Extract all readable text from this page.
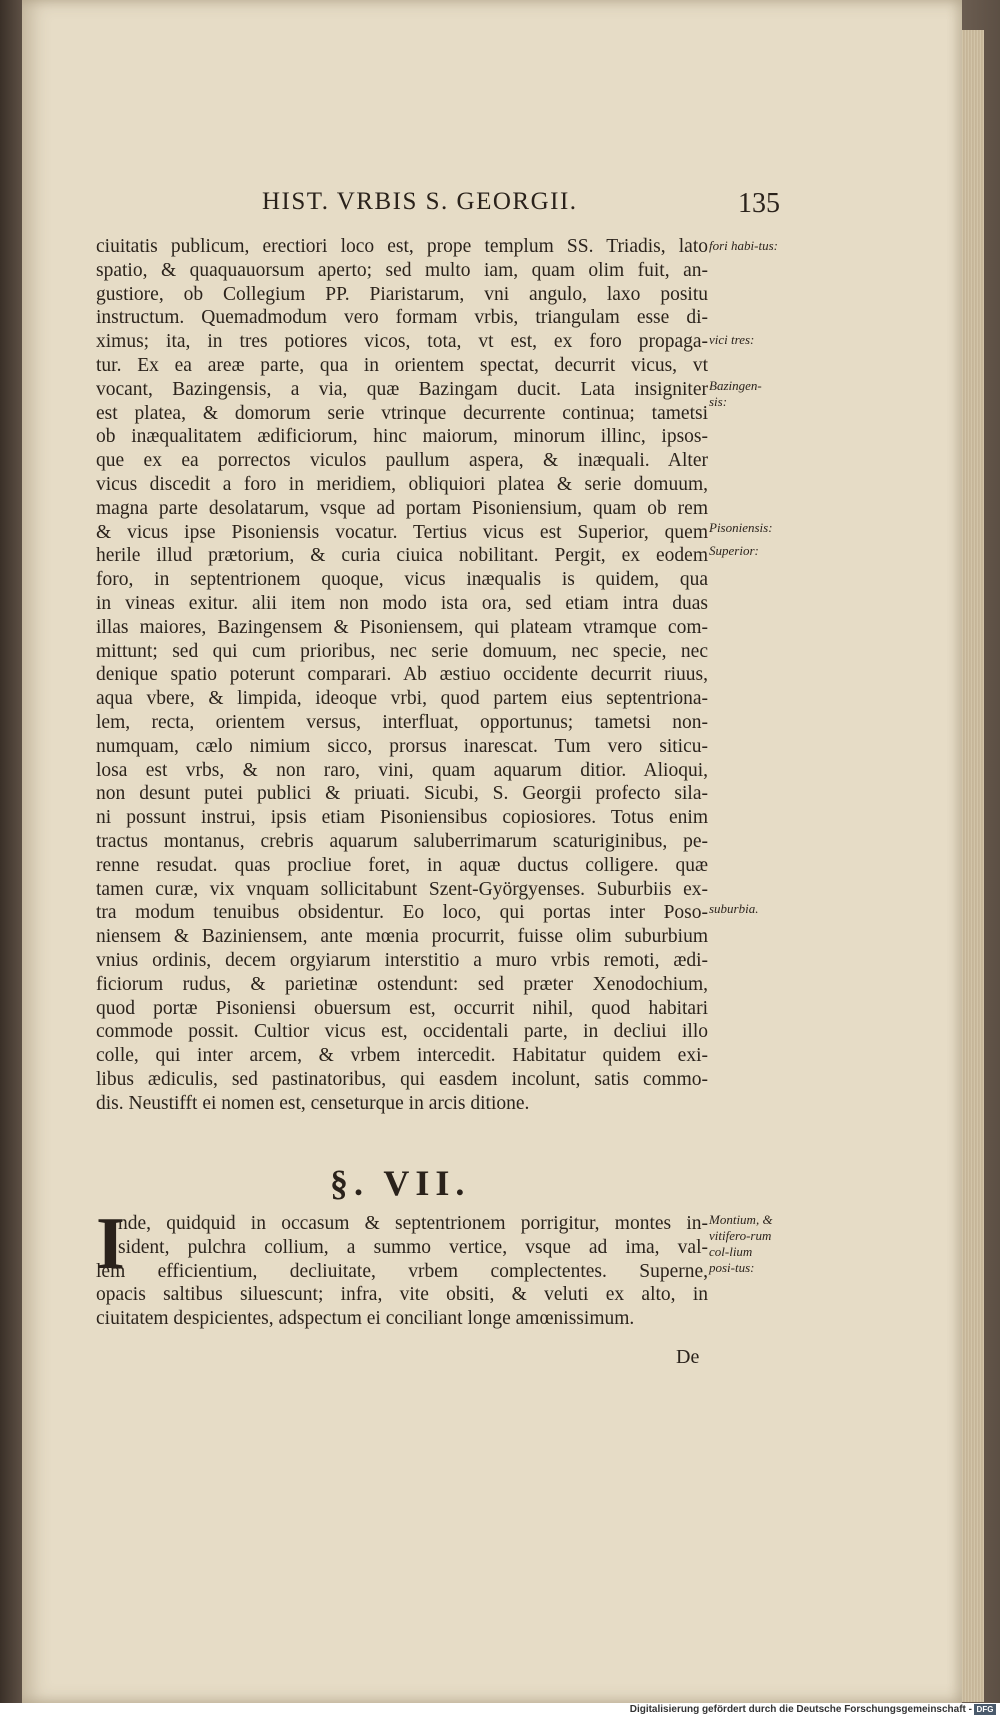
HIST. VRBIS S. GEORGII.	135
ciuitatis publicum, erectiori loco est, prope templum SS. Triadis, lato
spatio, & quaquauorsum aperto; sed multo iam, quam olim fuit, an-
gustiore, ob Collegium PP. Piaristarum, vni angulo, laxo positu
instructum. Quemadmodum vero formam vrbis, triangulam esse di-
ximus; ita, in tres potiores vicos, tota, vt est, ex foro propaga-
tur. Ex ea areæ parte, qua in orientem spectat, decurrit vicus, vt
vocant, Bazingensis, a via, quæ Bazingam ducit. Lata insigniter
est platea, & domorum serie vtrinque decurrente continua; tametsi
ob inæqualitatem ædificiorum, hinc maiorum, minorum illinc, ipsos-
que ex ea porrectos viculos paullum aspera, & inæquali. Alter
vicus discedit a foro in meridiem, obliquiori platea & serie domuum,
magna parte desolatarum, vsque ad portam Pisoniensium, quam ob rem
& vicus ipse Pisoniensis vocatur. Tertius vicus est Superior, quem
herile illud prætorium, & curia ciuica nobilitant. Pergit, ex eodem
foro, in septentrionem quoque, vicus inæqualis is quidem, qua
in vineas exitur. alii item non modo ista ora, sed etiam intra duas
illas maiores, Bazingensem & Pisoniensem, qui plateam vtramque com-
mittunt; sed qui cum prioribus, nec serie domuum, nec specie, nec
denique spatio poterunt comparari. Ab æstiuo occidente decurrit riuus,
aqua vbere, & limpida, ideoque vrbi, quod partem eius septentriona-
lem, recta, orientem versus, interfluat, opportunus; tametsi non-
numquam, cælo nimium sicco, prorsus inarescat. Tum vero siticu-
losa est vrbs, & non raro, vini, quam aquarum ditior. Alioqui,
non desunt putei publici & priuati. Sicubi, S. Georgii profecto sila-
ni possunt instrui, ipsis etiam Pisoniensibus copiosiores. Totus enim
tractus montanus, crebris aquarum saluberrimarum scaturiginibus, pe-
renne resudat. quas procliue foret, in aquæ ductus colligere. quæ
tamen curæ, vix vnquam sollicitabunt Szent-Györgyenses. Suburbiis ex-
tra modum tenuibus obsidentur. Eo loco, qui portas inter Poso-
niensem & Baziniensem, ante mœnia procurrit, fuisse olim suburbium
vnius ordinis, decem orgyiarum interstitio a muro vrbis remoti, ædi-
ficiorum rudus, & parietinæ ostendunt: sed præter Xenodochium,
quod portæ Pisoniensi obuersum est, occurrit nihil, quod habitari
commode possit. Cultior vicus est, occidentali parte, in decliui illo
colle, qui inter arcem, & vrbem intercedit. Habitatur quidem exi-
libus ædiculis, sed pastinatoribus, qui easdem incolunt, satis commo-
dis. Neustifft ei nomen est, censeturque in arcis ditione.
fori habi-tus:
vici tres:
Bazingen-sis:
Pisoniensis:
Superior:
suburbia.
Montium, & vitifero-rum col-lium posi-tus:
§. VII.
I
nde, quidquid in occasum & septentrionem porrigitur, montes in-
sident, pulchra collium, a summo vertice, vsque ad ima, val-
lem efficientium, decliuitate, vrbem complectentes. Superne,
opacis saltibus siluescunt; infra, vite obsiti, & veluti ex alto, in
ciuitatem despicientes, adspectum ei conciliant longe amœnissimum.
De
Digitalisierung gefördert durch die Deutsche Forschungsgemeinschaft - DFG
